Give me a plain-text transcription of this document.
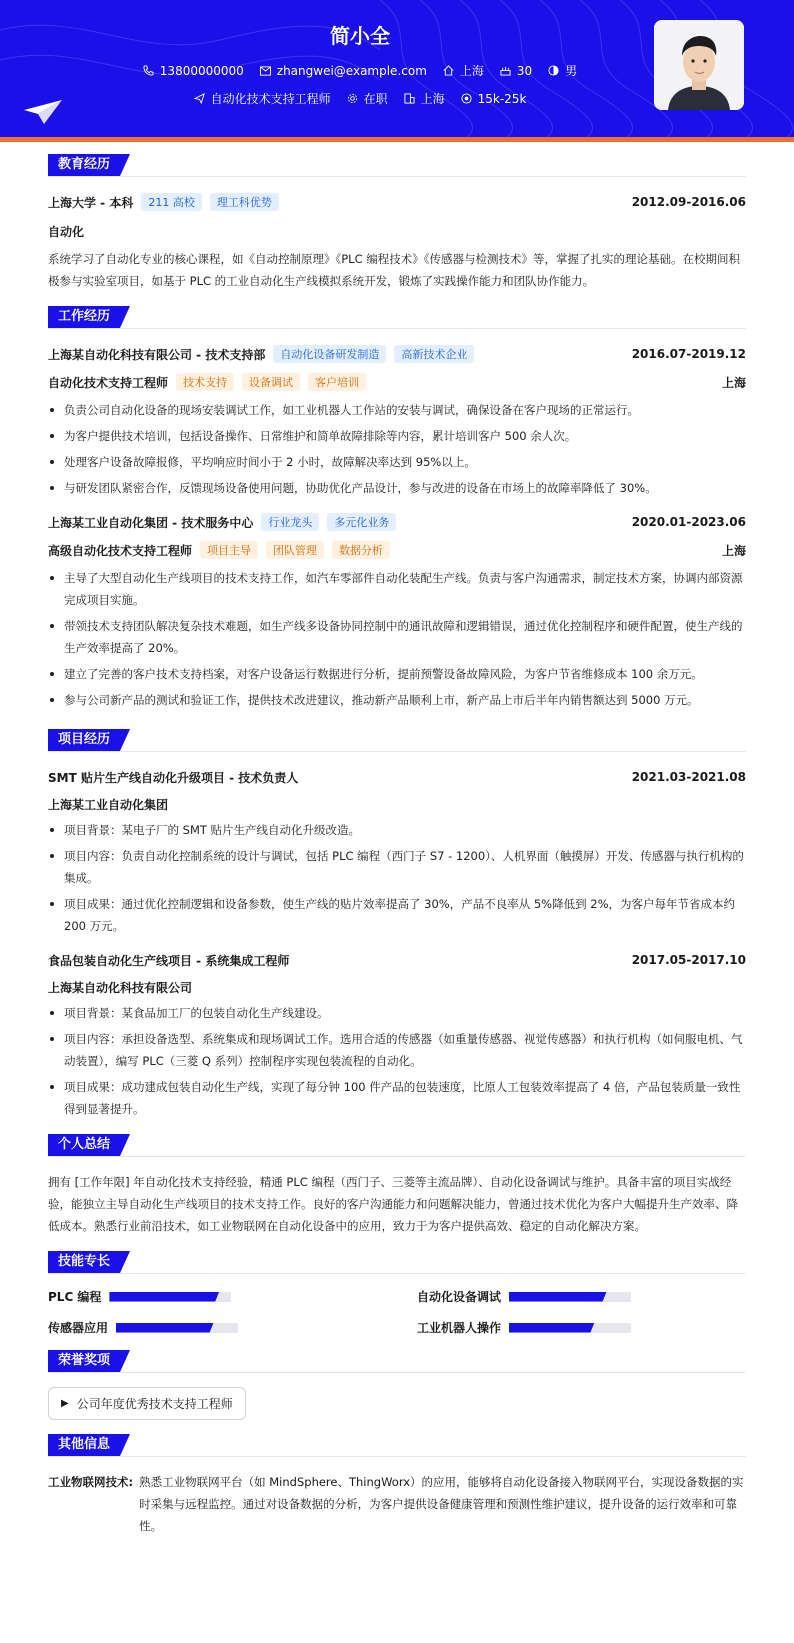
简小全
13800000000	zhangwei@example.com	上海	30	男
自动化技术支持工程师	在职	上海	15k-25k
教育经历
上海大学 - 本科	211 高校	理工科优势	2012.09-2016.06
自动化
系统学习了自动化专业的核心课程，如《自动控制原理》《PLC 编程技术》《传感器与检测技术》等，掌握了扎实的理论基础。在校期间积极参与实验室项目，如基于 PLC 的工业自动化生产线模拟系统开发，锻炼了实践操作能力和团队协作能力。
工作经历
上海某自动化科技有限公司 - 技术支持部	自动化设备研发制造	高新技术企业	2016.07-2019.12
自动化技术支持工程师	技术支持	设备调试	客户培训	上海
负责公司自动化设备的现场安装调试工作，如工业机器人工作站的安装与调试，确保设备在客户现场的正常运行。
为客户提供技术培训，包括设备操作、日常维护和简单故障排除等内容，累计培训客户 500 余人次。
处理客户设备故障报修，平均响应时间小于 2 小时，故障解决率达到 95%以上。
与研发团队紧密合作，反馈现场设备使用问题，协助优化产品设计，参与改进的设备在市场上的故障率降低了 30%。
上海某工业自动化集团 - 技术服务中心	行业龙头	多元化业务	2020.01-2023.06
高级自动化技术支持工程师	项目主导	团队管理	数据分析	上海
主导了大型自动化生产线项目的技术支持工作，如汽车零部件自动化装配生产线。负责与客户沟通需求，制定技术方案，协调内部资源完成项目实施。
带领技术支持团队解决复杂技术难题，如生产线多设备协同控制中的通讯故障和逻辑错误，通过优化控制程序和硬件配置，使生产线的生产效率提高了 20%。
建立了完善的客户技术支持档案，对客户设备运行数据进行分析，提前预警设备故障风险，为客户节省维修成本 100 余万元。
参与公司新产品的测试和验证工作，提供技术改进建议，推动新产品顺利上市，新产品上市后半年内销售额达到 5000 万元。
项目经历
SMT 贴片生产线自动化升级项目 - 技术负责人	2021.03-2021.08
上海某工业自动化集团
项目背景：某电子厂的 SMT 贴片生产线自动化升级改造。
项目内容：负责自动化控制系统的设计与调试，包括 PLC 编程（西门子 S7 - 1200）、人机界面（触摸屏）开发、传感器与执行机构的集成。
项目成果：通过优化控制逻辑和设备参数，使生产线的贴片效率提高了 30%，产品不良率从 5%降低到 2%，为客户每年节省成本约 200 万元。
食品包装自动化生产线项目 - 系统集成工程师	2017.05-2017.10
上海某自动化科技有限公司
项目背景：某食品加工厂的包装自动化生产线建设。
项目内容：承担设备选型、系统集成和现场调试工作。选用合适的传感器（如重量传感器、视觉传感器）和执行机构（如伺服电机、气动装置），编写 PLC（三菱 Q 系列）控制程序实现包装流程的自动化。
项目成果：成功建成包装自动化生产线，实现了每分钟 100 件产品的包装速度，比原人工包装效率提高了 4 倍，产品包装质量一致性得到显著提升。
个人总结
拥有 [工作年限] 年自动化技术支持经验，精通 PLC 编程（西门子、三菱等主流品牌）、自动化设备调试与维护。具备丰富的项目实战经验，能独立主导自动化生产线项目的技术支持工作。良好的客户沟通能力和问题解决能力，曾通过技术优化为客户大幅提升生产效率、降低成本。熟悉行业前沿技术，如工业物联网在自动化设备中的应用，致力于为客户提供高效、稳定的自动化解决方案。
技能专长
PLC 编程	自动化设备调试
传感器应用	工业机器人操作
荣誉奖项
▶ 公司年度优秀技术支持工程师
其他信息
工业物联网技术: 熟悉工业物联网平台（如 MindSphere、ThingWorx）的应用，能够将自动化设备接入物联网平台，实现设备数据的实时采集与远程监控。通过对设备数据的分析，为客户提供设备健康管理和预测性维护建议，提升设备的运行效率和可靠性。
